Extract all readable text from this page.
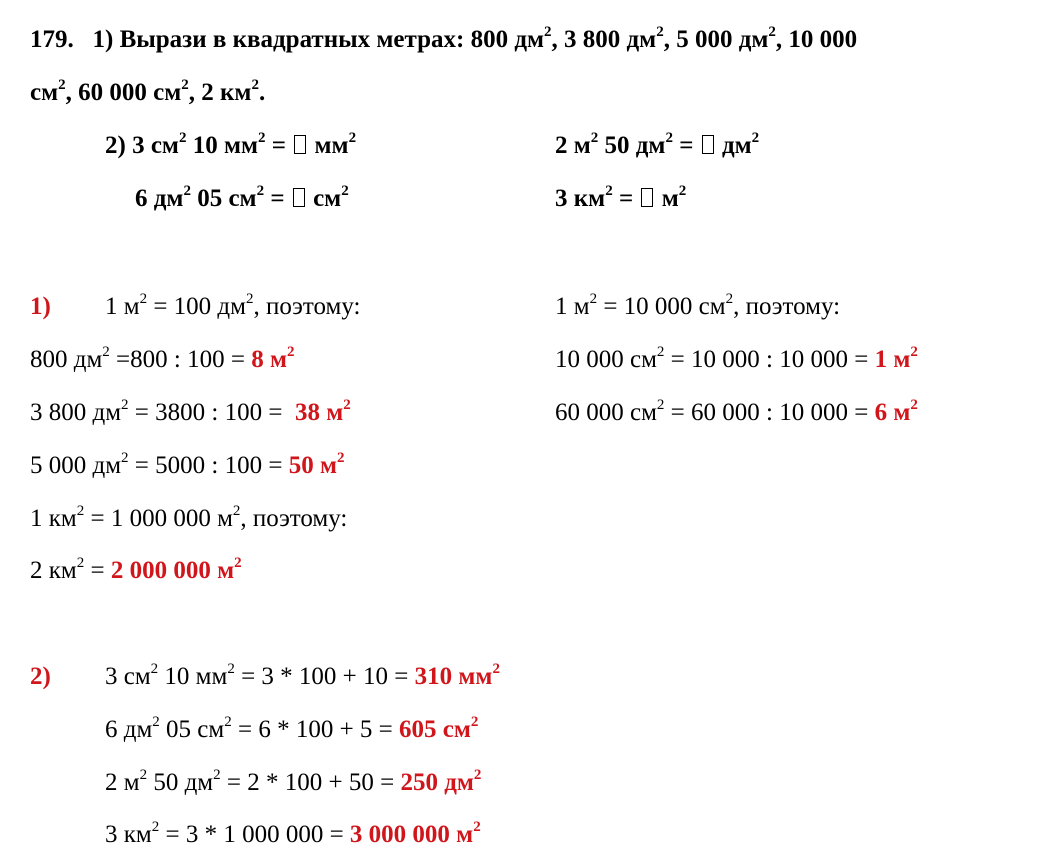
179. 1) Вырази в квадратных метрах: 800 $дм^2$, 3 800 $дм^2$, 5 000 $дм^2$, 10 000
$см^2$, 60 000 $см^2$, 2 $км^2$.
2) 3 $см^2$ 10 $мм^2 = мм^2$	2 $м^2$ 50 $дм^2 = дм^2$
6 $дм^2$ 05 $см^2 = см^2$	3 $км^2 = м^2$
1) 1 $м^2 = 100$ $дм^2$, поэтому:
800 $дм^2 =800$ : 100 = 8 $м^2$
3 800 $дм^2 = 3800$ : 100 = 38 $м^2$
5 000 $дм^2 = 5000$ : 100 = 50 $м^2$
1 $км^2 = 1$ 000 000 $м^2$, поэтому:
2 $км^2 = 2$ 000 000 $м^2$
1 $м^2 = 10$ 000 $см^2$, поэтому:
10 000 $см^2 = 10$ 000 : 10 000 = 1 $м^2$
60 000 $см^2 = 60$ 000 : 10 000 = 6 $м^2$
2) 3 $см^2$ 10 $мм^2 = 3 * 100 + 10 = 310$ $мм^2$
6 $дм^2$ 05 $см^2 = 6 * 100 + 5 = 605$ $см^2$
2 $м^2$ 50 $дм^2 = 2 * 100 + 50 = 250$ $дм^2$
3 $км^2 = 3 * 1$ 000 000 = 3 000 000 $м^2$
